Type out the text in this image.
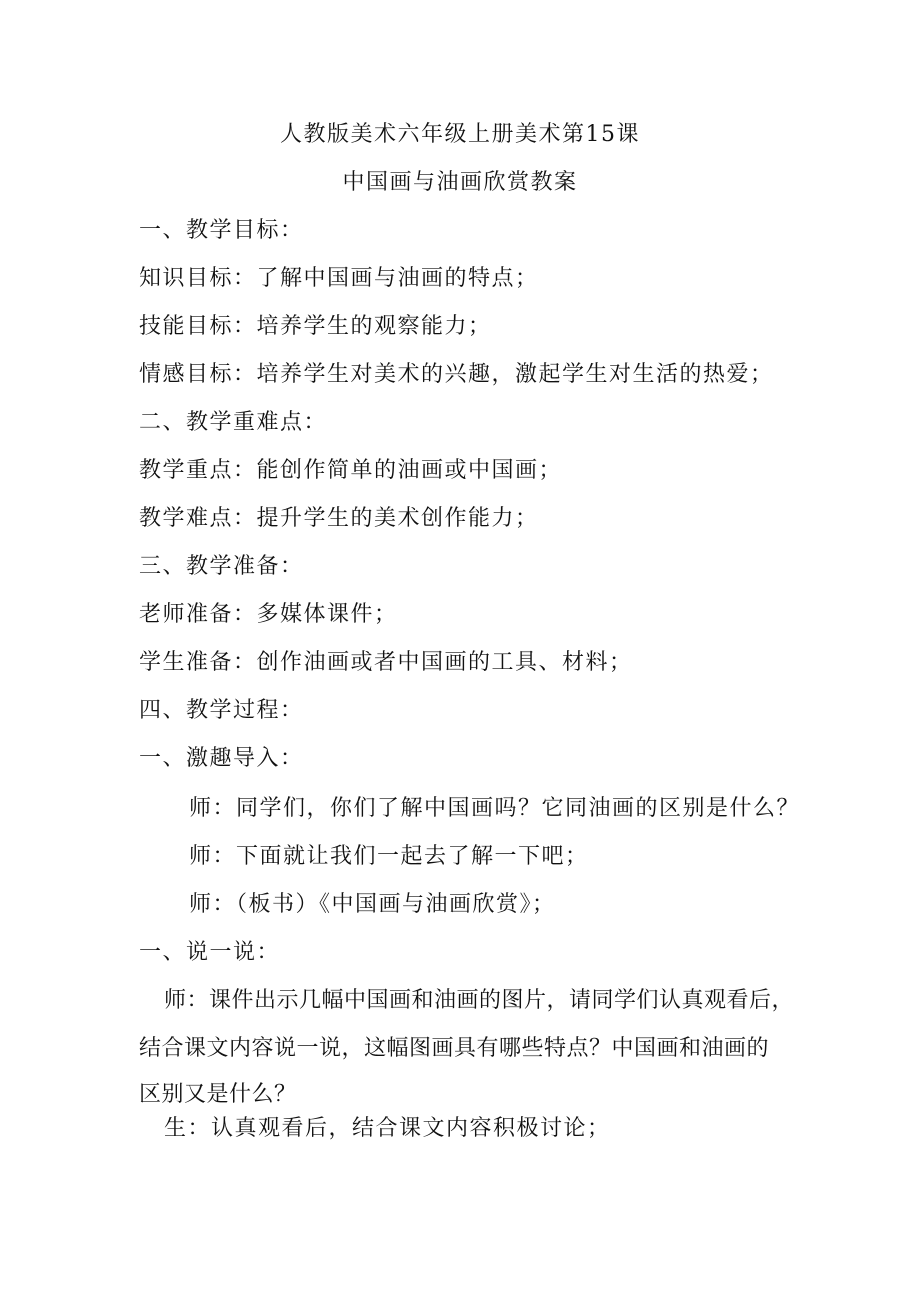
人教版美术六年级上册美术第15课
中国画与油画欣赏教案
一、教学目标：
知识目标：了解中国画与油画的特点；
技能目标：培养学生的观察能力；
情感目标：培养学生对美术的兴趣，激起学生对生活的热爱；
二、教学重难点：
教学重点：能创作简单的油画或中国画；
教学难点：提升学生的美术创作能力；
三、教学准备：
老师准备：多媒体课件；
学生准备：创作油画或者中国画的工具、材料；
四、教学过程：
一、激趣导入：
师：同学们，你们了解中国画吗？它同油画的区别是什么？
师：下面就让我们一起去了解一下吧；
师：（板书）《中国画与油画欣赏》；
一、说一说：
师：课件出示几幅中国画和油画的图片，请同学们认真观看后，
结合课文内容说一说，这幅图画具有哪些特点？中国画和油画的
区别又是什么？
生：认真观看后，结合课文内容积极讨论；
